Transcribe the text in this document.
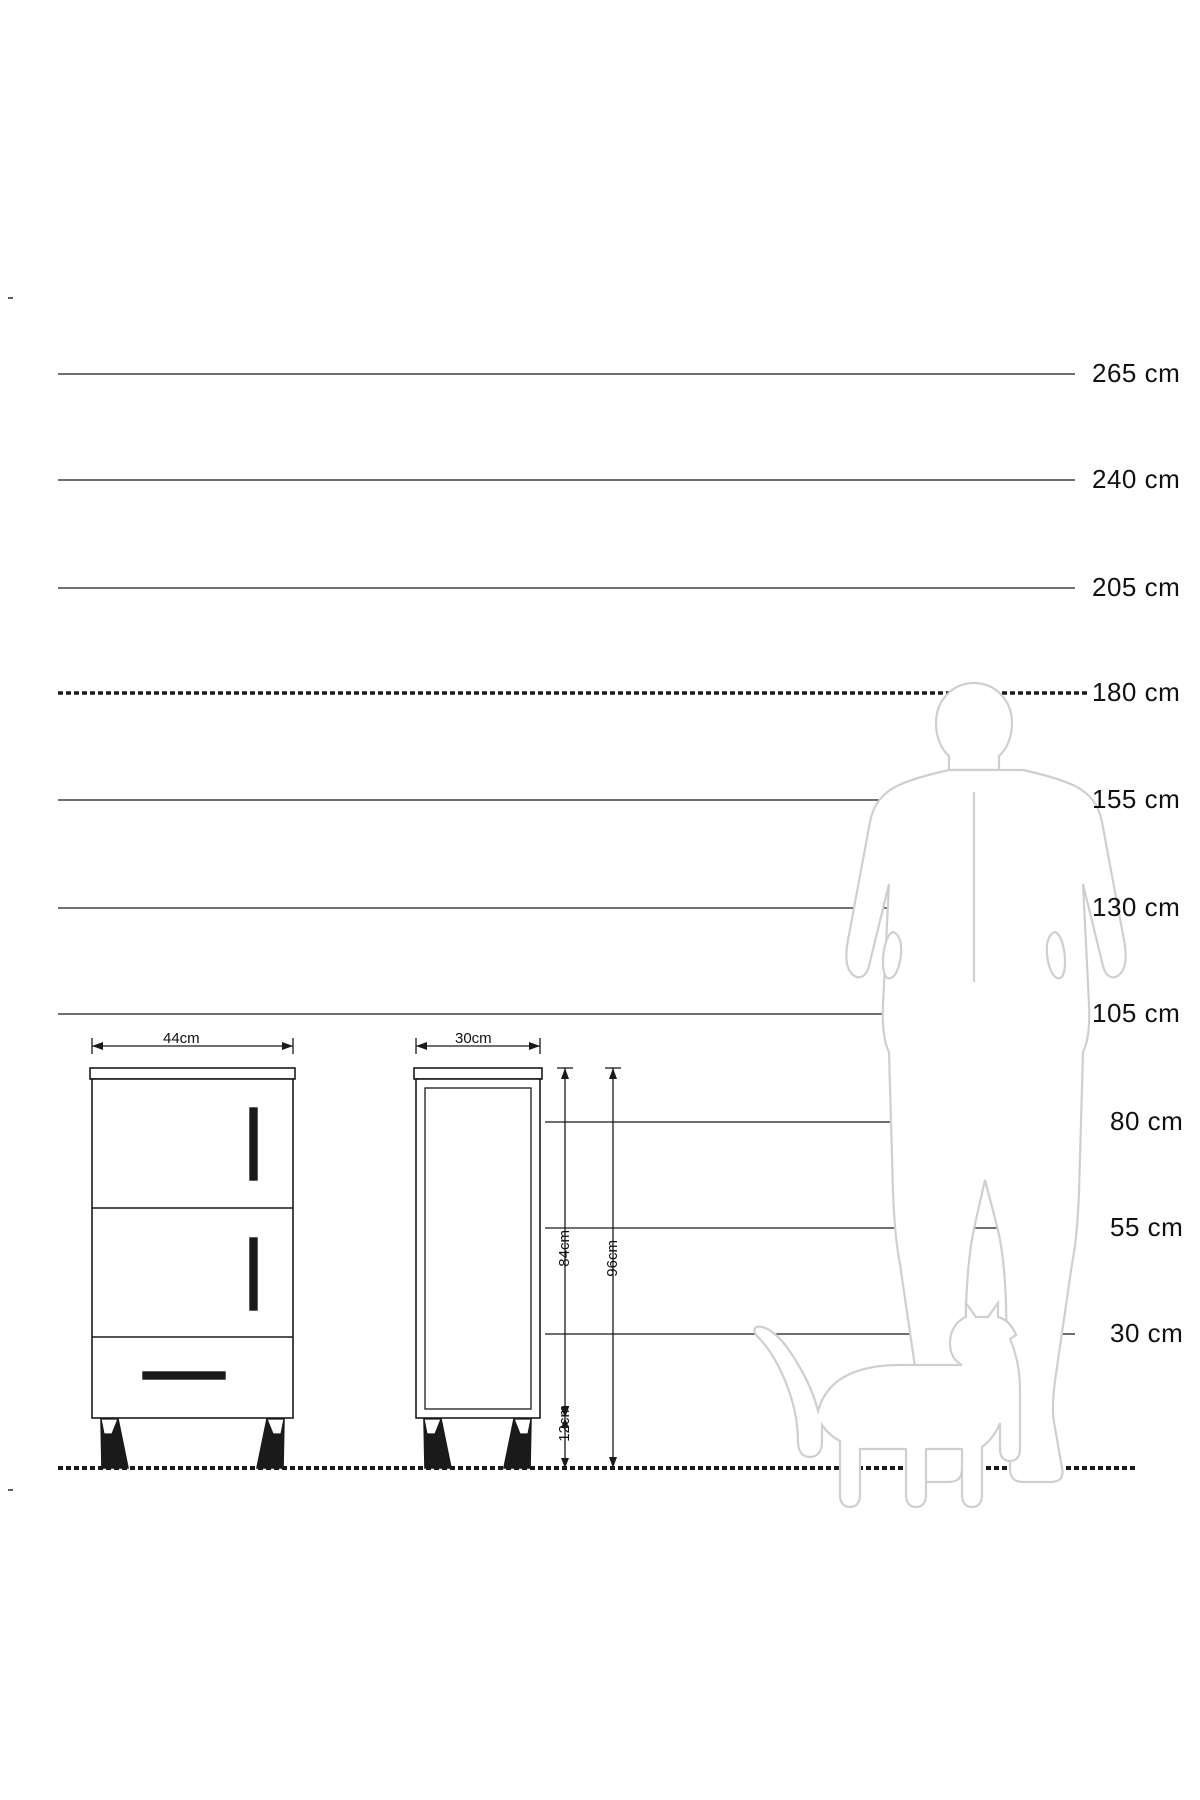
265 cm
240 cm
205 cm
180 cm
155 cm
130 cm
105 cm
80 cm
55 cm
30 cm
44cm	30cm
84cm 96cm
12cm
